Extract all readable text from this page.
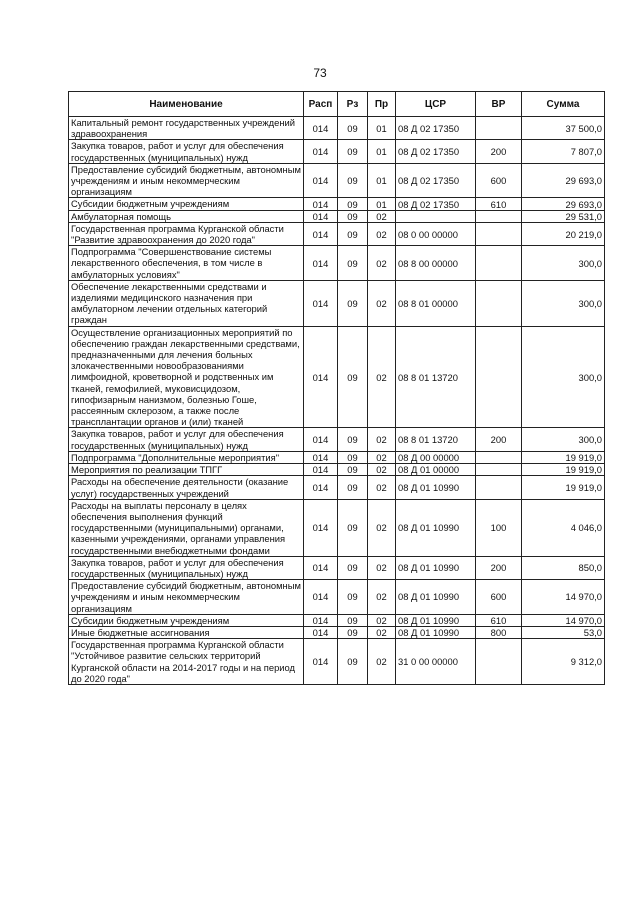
73
Наименование	Расп	Рз	Пр	ЦСР	ВР	Сумма
Капитальный ремонт государственных учреждений здравоохранения	014	09	01	08 Д 02 17350		37 500,0
Закупка товаров, работ и услуг для обеспечения государственных (муниципальных) нужд	014	09	01	08 Д 02 17350	200	7 807,0
Предоставление субсидий бюджетным, автономным учреждениям и иным некоммерческим организациям	014	09	01	08 Д 02 17350	600	29 693,0
Субсидии бюджетным учреждениям	014	09	01	08 Д 02 17350	610	29 693,0
Амбулаторная помощь	014	09	02			29 531,0
Государственная программа Курганской области "Развитие здравоохранения до 2020 года"	014	09	02	08 0 00 00000		20 219,0
Подпрограмма "Совершенствование системы лекарственного обеспечения, в том числе в амбулаторных условиях"	014	09	02	08 8 00 00000		300,0
Обеспечение лекарственными средствами и изделиями медицинского назначения при амбулаторном лечении отдельных категорий граждан	014	09	02	08 8 01 00000		300,0
Осуществление организационных мероприятий по обеспечению граждан лекарственными средствами, предназначенными для лечения больных злокачественными новообразованиями лимфоидной, кроветворной и родственных им тканей, гемофилией, муковисцидозом, гипофизарным нанизмом, болезнью Гоше, рассеянным склерозом, а также после трансплантации органов и (или) тканей	014	09	02	08 8 01 13720		300,0
Закупка товаров, работ и услуг для обеспечения государственных (муниципальных) нужд	014	09	02	08 8 01 13720	200	300,0
Подпрограмма "Дополнительные мероприятия"	014	09	02	08 Д 00 00000		19 919,0
Мероприятия по реализации ТПГГ	014	09	02	08 Д 01 00000		19 919,0
Расходы на обеспечение деятельности (оказание услуг) государственных учреждений	014	09	02	08 Д 01 10990		19 919,0
Расходы на выплаты персоналу в целях обеспечения выполнения функций государственными (муниципальными) органами, казенными учреждениями, органами управления государственными внебюджетными фондами	014	09	02	08 Д 01 10990	100	4 046,0
Закупка товаров, работ и услуг для обеспечения государственных (муниципальных) нужд	014	09	02	08 Д 01 10990	200	850,0
Предоставление субсидий бюджетным, автономным учреждениям и иным некоммерческим организациям	014	09	02	08 Д 01 10990	600	14 970,0
Субсидии бюджетным учреждениям	014	09	02	08 Д 01 10990	610	14 970,0
Иные бюджетные ассигнования	014	09	02	08 Д 01 10990	800	53,0
Государственная программа Курганской области "Устойчивое развитие сельских территорий Курганской области на 2014-2017 годы и на период до 2020 года"	014	09	02	31 0 00 00000		9 312,0
